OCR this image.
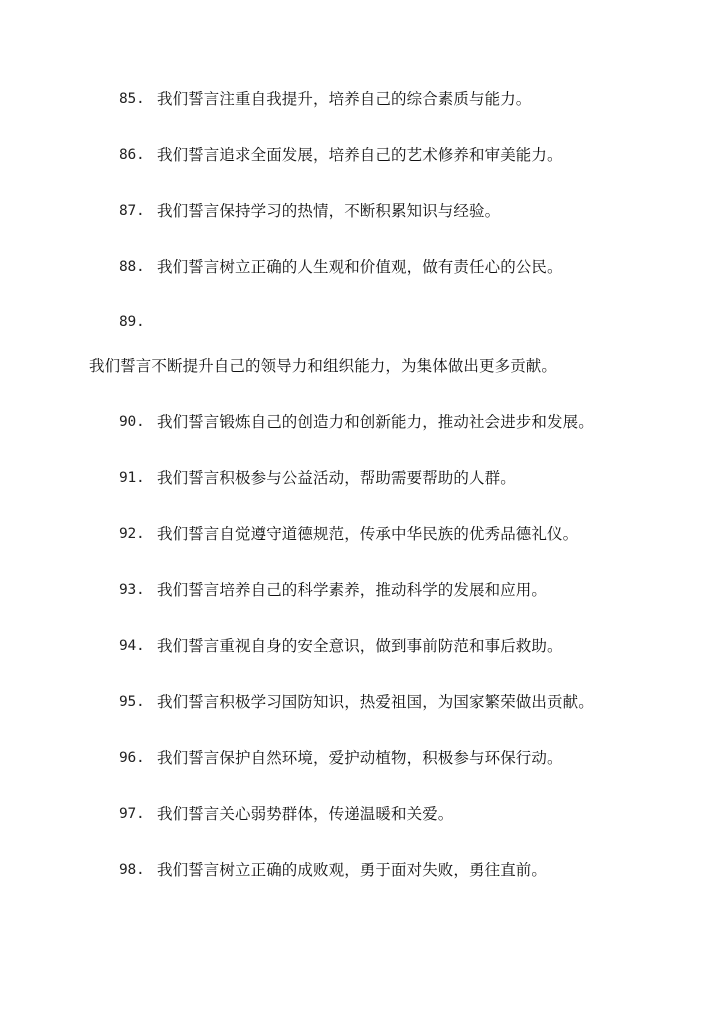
85. 我们誓言注重自我提升，培养自己的综合素质与能力。
86. 我们誓言追求全面发展，培养自己的艺术修养和审美能力。
87. 我们誓言保持学习的热情，不断积累知识与经验。
88. 我们誓言树立正确的人生观和价值观，做有责任心的公民。
89.
我们誓言不断提升自己的领导力和组织能力，为集体做出更多贡献。
90. 我们誓言锻炼自己的创造力和创新能力，推动社会进步和发展。
91. 我们誓言积极参与公益活动，帮助需要帮助的人群。
92. 我们誓言自觉遵守道德规范，传承中华民族的优秀品德礼仪。
93. 我们誓言培养自己的科学素养，推动科学的发展和应用。
94. 我们誓言重视自身的安全意识，做到事前防范和事后救助。
95. 我们誓言积极学习国防知识，热爱祖国，为国家繁荣做出贡献。
96. 我们誓言保护自然环境，爱护动植物，积极参与环保行动。
97. 我们誓言关心弱势群体，传递温暖和关爱。
98. 我们誓言树立正确的成败观，勇于面对失败，勇往直前。
